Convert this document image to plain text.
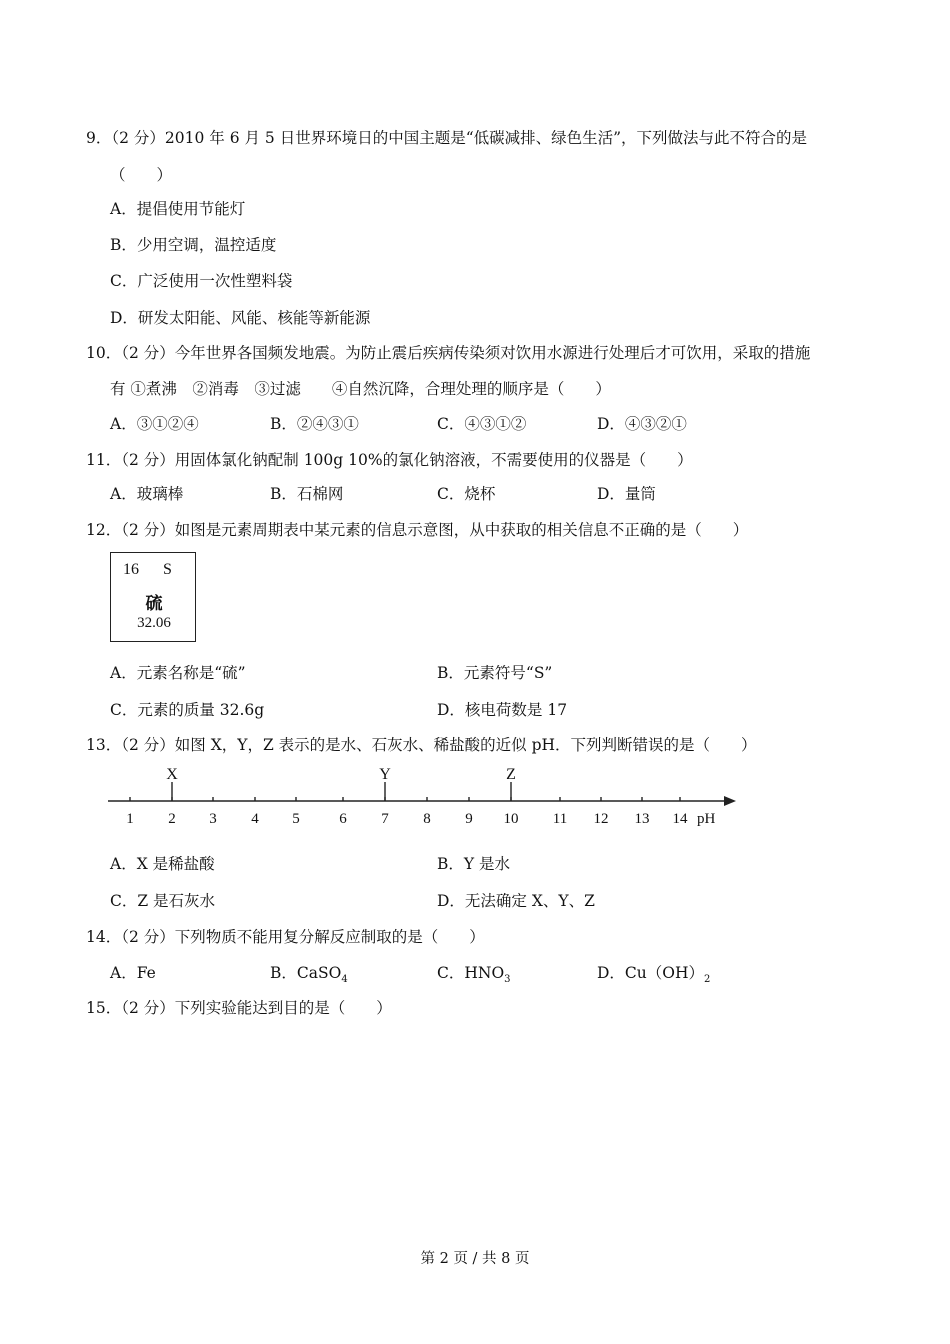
9．（2 分）2010 年 6 月 5 日世界环境日的中国主题是“低碳减排、绿色生活”，下列做法与此不符合的是
（　　）
A．提倡使用节能灯
B．少用空调，温控适度
C．广泛使用一次性塑料袋
D．研发太阳能、风能、核能等新能源
10．（2 分）今年世界各国频发地震。为防止震后疾病传染须对饮用水源进行处理后才可饮用，采取的措施
有 ①煮沸　②消毒　③过滤　　④自然沉降，合理处理的顺序是（　　）
A．③①②④	B．②④③①	C．④③①②	D．④③②①
11．（2 分）用固体氯化钠配制 100g 10%的氯化钠溶液，不需要使用的仪器是（　　）
A．玻璃棒	B．石棉网	C．烧杯	D．量筒
12．（2 分）如图是元素周期表中某元素的信息示意图，从中获取的相关信息不正确的是（　　）
16 S
硫
32.06
A．元素名称是“硫”	B．元素符号“S”
C．元素的质量 32.6g	D．核电荷数是 17
13．（2 分）如图 X，Y，Z 表示的是水、石灰水、稀盐酸的近似 pH．下列判断错误的是（　　）
1 2 3 4 5	6 7 8 9 10 11 12 13 14 pH
X	Y	Z
A．X 是稀盐酸	B．Y 是水
C．Z 是石灰水	D．无法确定 X、Y、Z
14．（2 分）下列物质不能用复分解反应制取的是（　　）
A．Fe	B．CaSO$_4$	C．$HNO_3$	D．$Cu(OH)_2$
15．（2 分）下列实验能达到目的是（　　）
第 2 页 / 共 8 页
